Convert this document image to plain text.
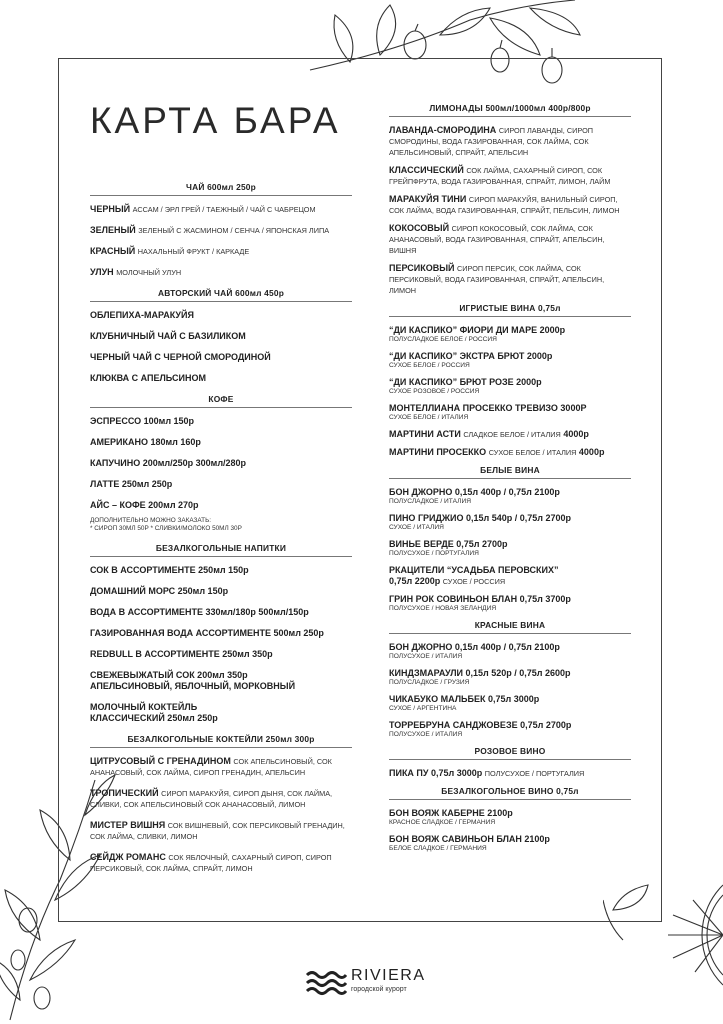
КАРТА БАРА
ЧАЙ 600мл 250р
ЧЕРНЫЙ АССАМ / ЭРЛ ГРЕЙ / ТАЕЖНЫЙ / ЧАЙ С ЧАБРЕЦОМ
ЗЕЛЕНЫЙ ЗЕЛЕНЫЙ С ЖАСМИНОМ / СЕНЧА / ЯПОНСКАЯ ЛИПА
КРАСНЫЙ НАХАЛЬНЫЙ ФРУКТ / КАРКАДЕ
УЛУН МОЛОЧНЫЙ УЛУН
АВТОРСКИЙ ЧАЙ 600мл 450р
ОБЛЕПИХА-МАРАКУЙЯ
КЛУБНИЧНЫЙ ЧАЙ С БАЗИЛИКОМ
ЧЕРНЫЙ ЧАЙ С ЧЕРНОЙ СМОРОДИНОЙ
КЛЮКВА С АПЕЛЬСИНОМ
КОФЕ
ЭСПРЕССО 100мл 150р
АМЕРИКАНО 180мл 160р
КАПУЧИНО 200мл/250р 300мл/280р
ЛАТТЕ 250мл 250р
АЙС – КОФЕ 200мл 270р
ДОПОЛНИТЕЛЬНО МОЖНО ЗАКАЗАТЬ:
* СИРОП 30МЛ 50Р * СЛИВКИ/МОЛОКО 50МЛ 30Р
БЕЗАЛКОГОЛЬНЫЕ НАПИТКИ
СОК В АССОРТИМЕНТЕ 250мл 150р
ДОМАШНИЙ МОРС 250мл 150р
ВОДА В АССОРТИМЕНТЕ 330мл/180р 500мл/150р
ГАЗИРОВАННАЯ ВОДА АССОРТИМЕНТЕ 500мл 250р
REDBULL В АССОРТИМЕНТЕ 250мл 350р
СВЕЖЕВЫЖАТЫЙ СОК 200мл 350р
АПЕЛЬСИНОВЫЙ, ЯБЛОЧНЫЙ, МОРКОВНЫЙ
МОЛОЧНЫЙ КОКТЕЙЛЬ
КЛАССИЧЕСКИЙ 250мл 250р
БЕЗАЛКОГОЛЬНЫЕ КОКТЕЙЛИ 250мл 300р
ЦИТРУСОВЫЙ С ГРЕНАДИНОМ СОК АПЕЛЬСИНОВЫЙ, СОК АНАНАСОВЫЙ, СОК ЛАЙМА, СИРОП ГРЕНАДИН, АПЕЛЬСИН
ТРОПИЧЕСКИЙ СИРОП МАРАКУЙЯ, СИРОП ДЫНЯ, СОК ЛАЙМА, СЛИВКИ, СОК АПЕЛЬСИНОВЫЙ СОК АНАНАСОВЫЙ, ЛИМОН
МИСТЕР ВИШНЯ СОК ВИШНЕВЫЙ, СОК ПЕРСИКОВЫЙ ГРЕНАДИН, СОК ЛАЙМА, СЛИВКИ, ЛИМОН
СЕЙДЖ РОМАНС СОК ЯБЛОЧНЫЙ, САХАРНЫЙ СИРОП, СИРОП ПЕРСИКОВЫЙ, СОК ЛАЙМА, СПРАЙТ, ЛИМОН
ЛИМОНАДЫ 500мл/1000мл 400р/800р
ЛАВАНДА-СМОРОДИНА СИРОП ЛАВАНДЫ, СИРОП СМОРОДИНЫ, ВОДА ГАЗИРОВАННАЯ, СОК ЛАЙМА, СОК АПЕЛЬСИНОВЫЙ, СПРАЙТ, АПЕЛЬСИН
КЛАССИЧЕСКИЙ СОК ЛАЙМА, САХАРНЫЙ СИРОП, СОК ГРЕЙПФРУТА, ВОДА ГАЗИРОВАННАЯ, СПРАЙТ, ЛИМОН, ЛАЙМ
МАРАКУЙЯ ТИНИ СИРОП МАРАКУЙЯ, ВАНИЛЬНЫЙ СИРОП, СОК ЛАЙМА, ВОДА ГАЗИРОВАННАЯ, СПРАЙТ, ПЕЛЬСИН, ЛИМОН
КОКОСОВЫЙ СИРОП КОКОСОВЫЙ, СОК ЛАЙМА, СОК АНАНАСОВЫЙ, ВОДА ГАЗИРОВАННАЯ, СПРАЙТ, АПЕЛЬСИН, ВИШНЯ
ПЕРСИКОВЫЙ СИРОП ПЕРСИК, СОК ЛАЙМА, СОК ПЕРСИКОВЫЙ, ВОДА ГАЗИРОВАННАЯ, СПРАЙТ, АПЕЛЬСИН, ЛИМОН
ИГРИСТЫЕ ВИНА 0,75л
“ДИ КАСПИКО” ФИОРИ ДИ МАРЕ 2000р
ПОЛУСЛАДКОЕ БЕЛОЕ / РОССИЯ
“ДИ КАСПИКО” ЭКСТРА БРЮТ 2000р
СУХОЕ БЕЛОЕ / РОССИЯ
“ДИ КАСПИКО” БРЮТ РОЗЕ 2000р
СУХОЕ РОЗОВОЕ / РОССИЯ
МОНТЕЛЛИАНА ПРОСЕККО ТРЕВИЗО 3000Р
СУХОЕ БЕЛОЕ / ИТАЛИЯ
МАРТИНИ АСТИ СЛАДКОЕ БЕЛОЕ / ИТАЛИЯ 4000р
МАРТИНИ ПРОСЕККО СУХОЕ БЕЛОЕ / ИТАЛИЯ 4000р
БЕЛЫЕ ВИНА
БОН ДЖОРНО 0,15л 400р / 0,75л 2100р
ПОЛУСЛАДКОЕ / ИТАЛИЯ
ПИНО ГРИДЖИО 0,15л 540р / 0,75л 2700р
СУХОЕ / ИТАЛИЯ
ВИНЬЕ ВЕРДЕ 0,75л 2700р
ПОЛУСУХОЕ / ПОРТУГАЛИЯ
РКАЦИТЕЛИ “УСАДЬБА ПЕРОВСКИХ”
0,75л 2200р СУХОЕ / РОССИЯ
ГРИН РОК СОВИНЬОН БЛАН 0,75л 3700р
ПОЛУСУХОЕ / НОВАЯ ЗЕЛАНДИЯ
КРАСНЫЕ ВИНА
БОН ДЖОРНО 0,15л 400р / 0,75л 2100р
ПОЛУСУХОЕ / ИТАЛИЯ
КИНДЗМАРАУЛИ 0,15л 520р / 0,75л 2600р
ПОЛУСЛАДКОЕ / ГРУЗИЯ
ЧИКАБУКО МАЛЬБЕК 0,75л 3000р
СУХОЕ / АРГЕНТИНА
ТОРРЕБРУНА САНДЖОВЕЗЕ 0,75л 2700р
ПОЛУСУХОЕ / ИТАЛИЯ
РОЗОВОЕ ВИНО
ПИКА ПУ 0,75л 3000р ПОЛУСУХОЕ / ПОРТУГАЛИЯ
БЕЗАЛКОГОЛЬНОЕ ВИНО 0,75л
БОН ВОЯЖ КАБЕРНЕ 2100р
КРАСНОЕ СЛАДКОЕ / ГЕРМАНИЯ
БОН ВОЯЖ САВИНЬОН БЛАН 2100р
БЕЛОЕ СЛАДКОЕ / ГЕРМАНИЯ
RIVIERA
городской курорт
